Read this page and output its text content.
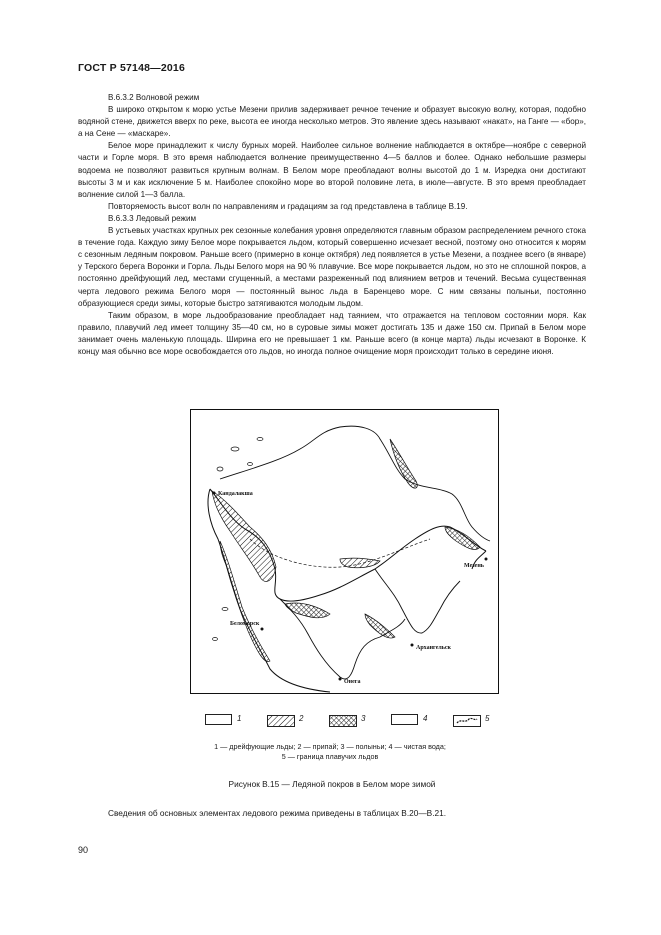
ГОСТ Р 57148—2016

В.6.3.2 Волновой режим

В широко открытом к морю устье Мезени прилив задерживает речное течение и образует высокую волну, которая, подобно водяной стене, движется вверх по реке, высота ее иногда несколько метров. Это явление здесь называют «накат», на Ганге — «бор», а на Сене — «маскаре».

Белое море принадлежит к числу бурных морей. Наиболее сильное волнение наблюдается в октябре—ноябре с северной части и Горле моря. В это время наблюдается волнение преимущественно 4—5 баллов и более. Однако небольшие размеры водоема не позволяют развиться крупным волнам. В Белом море преобладают волны высотой до 1 м. Изредка они достигают высоты 3 м и как исключение 5 м. Наиболее спокойно море во второй половине лета, в июле—августе. В это время преобладает волнение силой 1—3 балла.

Повторяемость высот волн по направлениям и градациям за год представлена в таблице В.19.

В.6.3.3 Ледовый режим

В устьевых участках крупных рек сезонные колебания уровня определяются главным образом распределением речного стока в течение года. Каждую зиму Белое море покрывается льдом, который совершенно исчезает весной, поэтому оно относится к морям с сезонным ледяным покровом. Раньше всего (примерно в конце октября) лед появляется в устье Мезени, а позднее всего (в январе) у Терского берега Воронки и Горла. Льды Белого моря на 90 % плавучие. Все море покрывается льдом, но это не сплошной покров, а постоянно дрейфующий лед, местами сгущенный, а местами разреженный под влиянием ветров и течений. Весьма существенная черта ледового режима Белого моря — постоянный вынос льда в Баренцево море. С ним связаны полыньи, постоянно образующиеся среди зимы, которые быстро затягиваются молодым льдом.

Таким образом, в море льдообразование преобладает над таянием, что отражается на тепловом состоянии моря. Как правило, плавучий лед имеет толщину 35—40 см, но в суровые зимы может достигать 135 и даже 150 см. Припай в Белом море занимает очень маленькую площадь. Ширина его не превышает 1 км. Раньше всего (в конце марта) льды исчезают в Воронке. К концу мая обычно все море освобождается ото льдов, но иногда полное очищение моря происходит только в середине июня.

Кандалакша
Мезень
Архангельск
Беломорск
Онега
1	2	3	4	5
1 — дрейфующие льды; 2 — припай; 3 — полыньи; 4 — чистая вода;
5 — граница плавучих льдов
Рисунок В.15 — Ледяной покров в Белом море зимой
Сведения об основных элементах ледового режима приведены в таблицах В.20—В.21.
90
